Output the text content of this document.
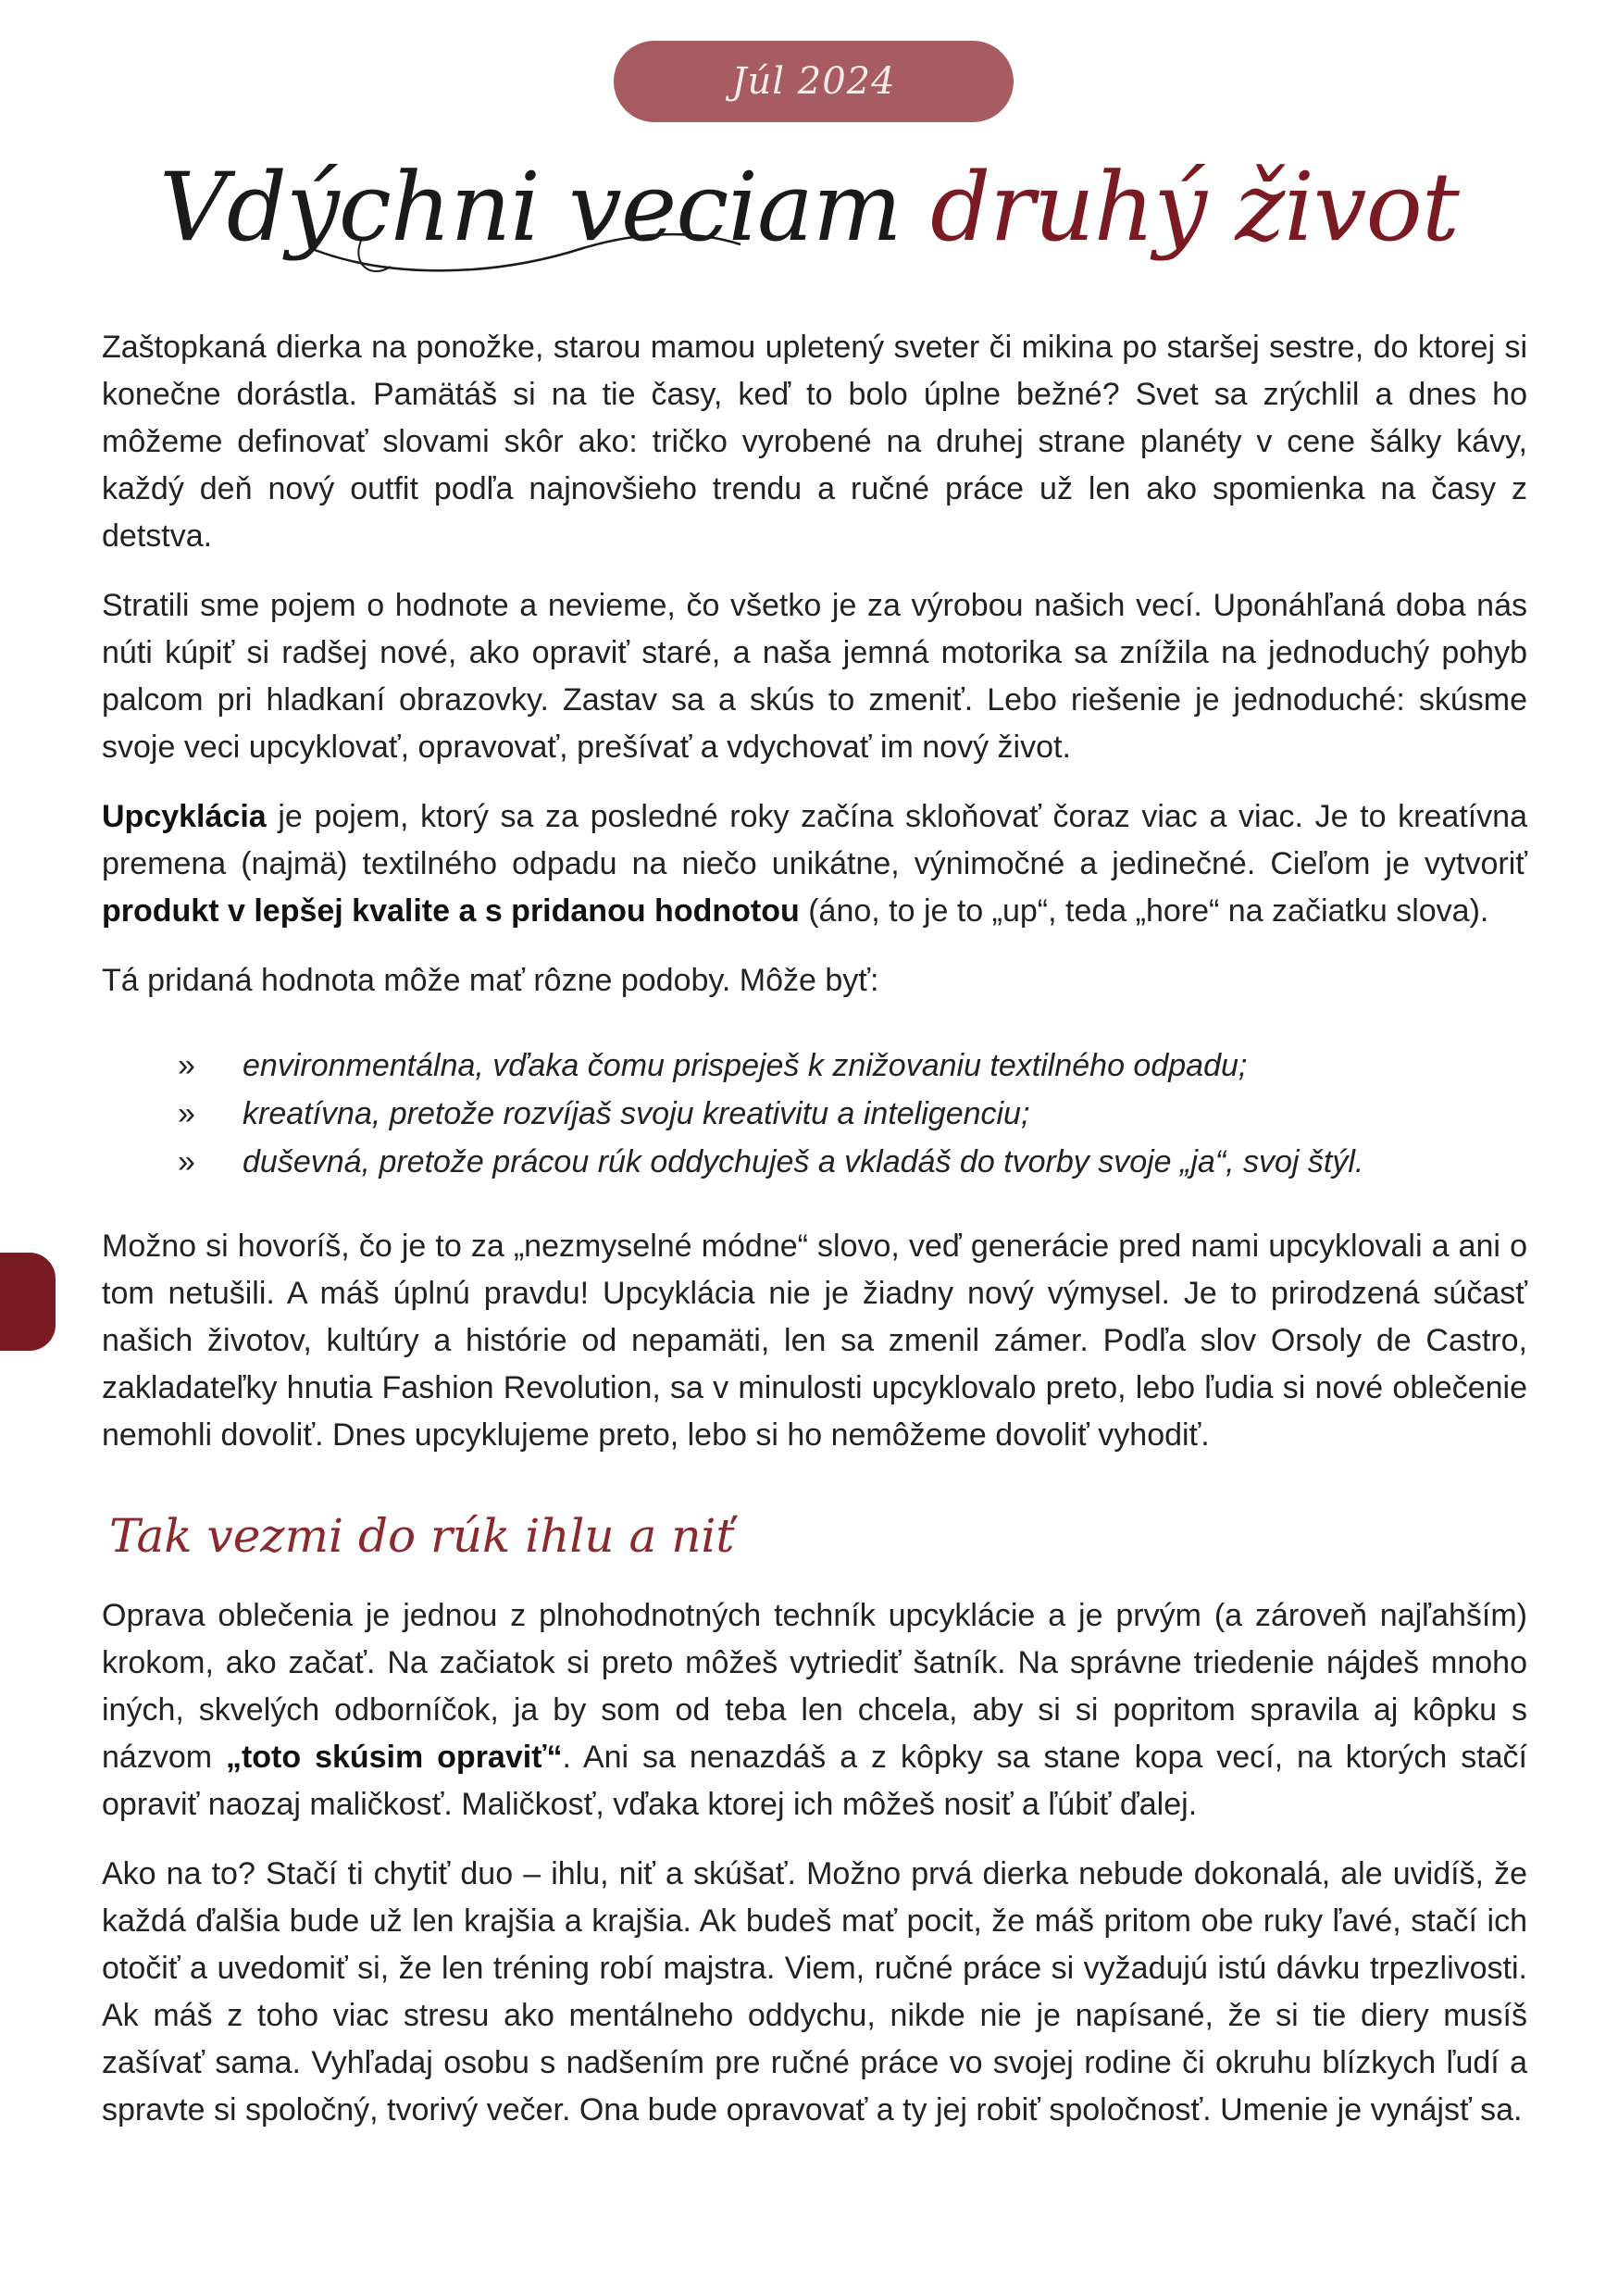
Júl 2024
Vdýchni veciam druhý život

Zaštopkaná dierka na ponožke, starou mamou upletený sveter či mikina po staršej sestre, do ktorej si konečne dorástla. Pamätáš si na tie časy, keď to bolo úplne bežné? Svet sa zrýchlil a dnes ho môžeme definovať slovami skôr ako: tričko vyrobené na druhej strane planéty v cene šálky kávy, každý deň nový outfit podľa najnovšieho trendu a ručné práce už len ako spomienka na časy z detstva.

Stratili sme pojem o hodnote a nevieme, čo všetko je za výrobou našich vecí. Uponáhľaná doba nás núti kúpiť si radšej nové, ako opraviť staré, a naša jemná motorika sa znížila na jednoduchý pohyb palcom pri hladkaní obrazovky. Zastav sa a skús to zmeniť. Lebo riešenie je jednoduché: skúsme svoje veci upcyklovať, opravovať, prešívať a vdychovať im nový život.

Upcyklácia je pojem, ktorý sa za posledné roky začína skloňovať čoraz viac a viac. Je to kreatívna premena (najmä) textilného odpadu na niečo unikátne, výnimočné a jedinečné. Cieľom je vytvoriť produkt v lepšej kvalite a s pridanou hodnotou (áno, to je to „up“, teda „hore“ na začiatku slova).

Tá pridaná hodnota môže mať rôzne podoby. Môže byť:

» environmentálna, vďaka čomu prispeješ k znižovaniu textilného odpadu;
» kreatívna, pretože rozvíjaš svoju kreativitu a inteligenciu;
» duševná, pretože prácou rúk oddychuješ a vkladáš do tvorby svoje „ja“, svoj štýl.

Možno si hovoríš, čo je to za „nezmyselné módne“ slovo, veď generácie pred nami upcyklovali a ani o tom netušili. A máš úplnú pravdu! Upcyklácia nie je žiadny nový výmysel. Je to prirodzená súčasť našich životov, kultúry a histórie od nepamäti, len sa zmenil zámer. Podľa slov Orsoly de Castro, zakladateľky hnutia Fashion Revolution, sa v minulosti upcyklovalo preto, lebo ľudia si nové oblečenie nemohli dovoliť. Dnes upcyklujeme preto, lebo si ho nemôžeme dovoliť vyhodiť.

Tak vezmi do rúk ihlu a niť

Oprava oblečenia je jednou z plnohodnotných techník upcyklácie a je prvým (a zároveň najľahším) krokom, ako začať. Na začiatok si preto môžeš vytriediť šatník. Na správne triedenie nájdeš mnoho iných, skvelých odborníčok, ja by som od teba len chcela, aby si si popritom spravila aj kôpku s názvom „toto skúsim opraviť“. Ani sa nenazdáš a z kôpky sa stane kopa vecí, na ktorých stačí opraviť naozaj maličkosť. Maličkosť, vďaka ktorej ich môžeš nosiť a ľúbiť ďalej.

Ako na to? Stačí ti chytiť duo – ihlu, niť a skúšať. Možno prvá dierka nebude dokonalá, ale uvidíš, že každá ďalšia bude už len krajšia a krajšia. Ak budeš mať pocit, že máš pritom obe ruky ľavé, stačí ich otočiť a uvedomiť si, že len tréning robí majstra. Viem, ručné práce si vyžadujú istú dávku trpezlivosti. Ak máš z toho viac stresu ako mentálneho oddychu, nikde nie je napísané, že si tie diery musíš zašívať sama. Vyhľadaj osobu s nadšením pre ručné práce vo svojej rodine či okruhu blízkych ľudí a spravte si spoločný, tvorivý večer. Ona bude opravovať a ty jej robiť spoločnosť. Umenie je vynájsť sa.
